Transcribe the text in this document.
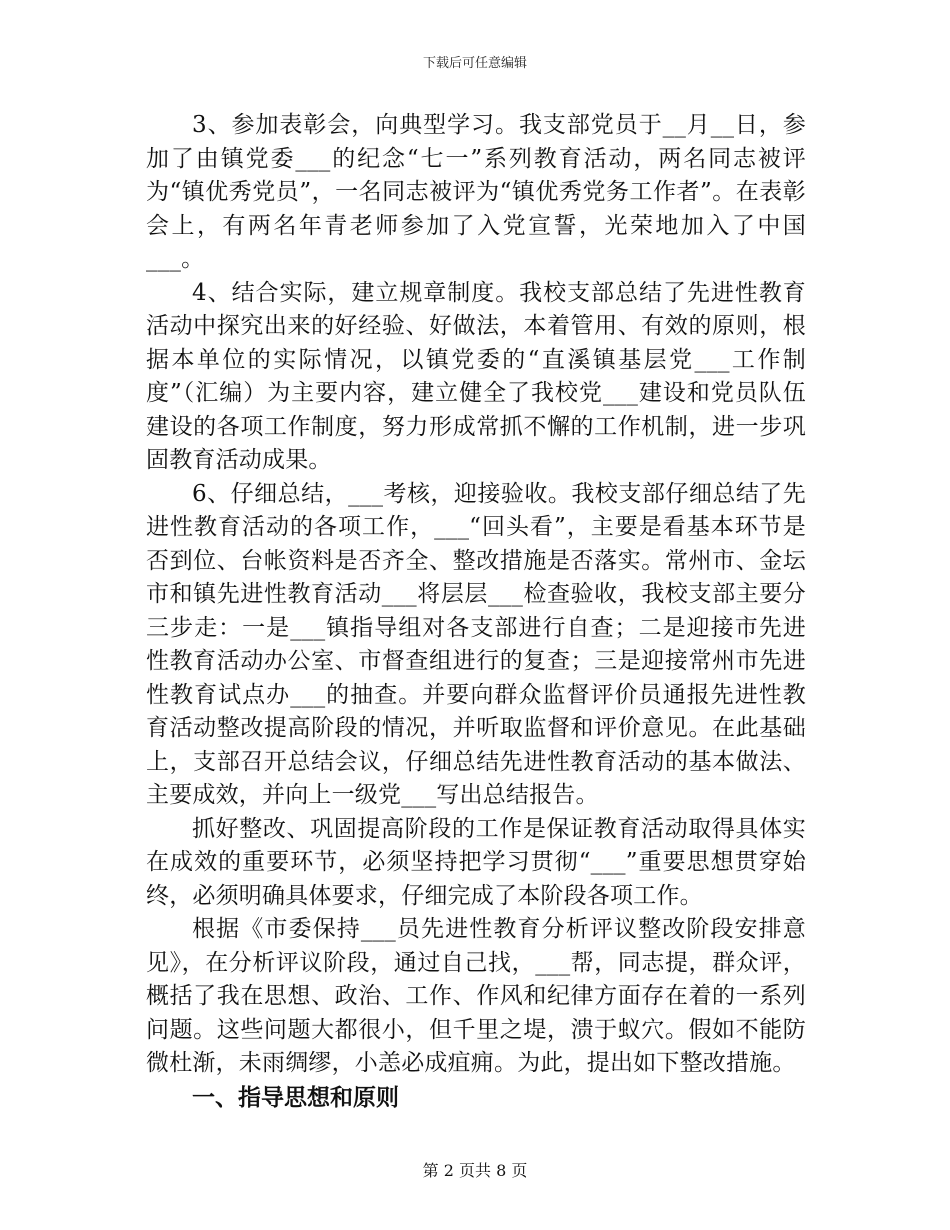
下载后可任意编辑

3、参加表彰会，向典型学习。我支部党员于__月__日，参加了由镇党委___的纪念“七一”系列教育活动，两名同志被评为“镇优秀党员”，一名同志被评为“镇优秀党务工作者”。在表彰会上，有两名年青老师参加了入党宣誓，光荣地加入了中国___。

4、结合实际，建立规章制度。我校支部总结了先进性教育活动中探究出来的好经验、好做法，本着管用、有效的原则，根据本单位的实际情况，以镇党委的“直溪镇基层党___工作制度”（汇编）为主要内容，建立健全了我校党___建设和党员队伍建设的各项工作制度，努力形成常抓不懈的工作机制，进一步巩固教育活动成果。

6、仔细总结，___考核，迎接验收。我校支部仔细总结了先进性教育活动的各项工作，___“回头看”，主要是看基本环节是否到位、台帐资料是否齐全、整改措施是否落实。常州市、金坛市和镇先进性教育活动___将层层___检查验收，我校支部主要分三步走：一是___镇指导组对各支部进行自查；二是迎接市先进性教育活动办公室、市督查组进行的复查；三是迎接常州市先进性教育试点办___的抽查。并要向群众监督评价员通报先进性教育活动整改提高阶段的情况，并听取监督和评价意见。在此基础上，支部召开总结会议，仔细总结先进性教育活动的基本做法、主要成效，并向上一级党___写出总结报告。

抓好整改、巩固提高阶段的工作是保证教育活动取得具体实在成效的重要环节，必须坚持把学习贯彻“___”重要思想贯穿始终，必须明确具体要求，仔细完成了本阶段各项工作。

根据《市委保持___员先进性教育分析评议整改阶段安排意见》，在分析评议阶段，通过自己找，___帮，同志提，群众评，概括了我在思想、政治、工作、作风和纪律方面存在着的一系列问题。这些问题大都很小，但千里之堤，溃于蚁穴。假如不能防微杜渐，未雨绸缪，小恙必成疽痈。为此，提出如下整改措施。

一、指导思想和原则

第 2 页共 8 页
